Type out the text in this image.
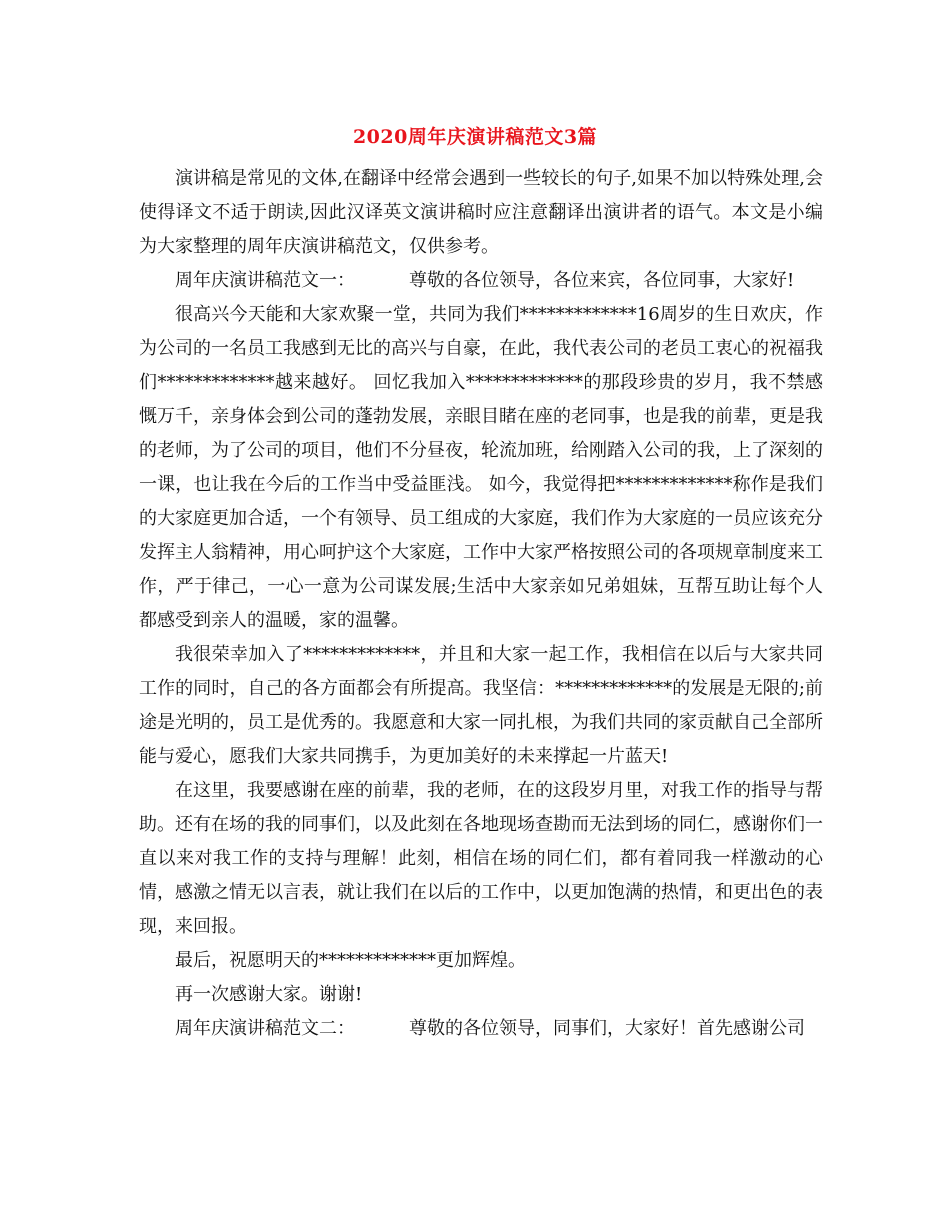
2020周年庆演讲稿范文3篇

演讲稿是常见的文体,在翻译中经常会遇到一些较长的句子,如果不加以特殊处理,会使得译文不适于朗读,因此汉译英文演讲稿时应注意翻译出演讲者的语气。本文是小编为大家整理的周年庆演讲稿范文，仅供参考。

周年庆演讲稿范文一：	尊敬的各位领导，各位来宾，各位同事，大家好!

很高兴今天能和大家欢聚一堂，共同为我们*************16周岁的生日欢庆，作为公司的一名员工我感到无比的高兴与自豪，在此，我代表公司的老员工衷心的祝福我们*************越来越好。 回忆我加入*************的那段珍贵的岁月，我不禁感慨万千，亲身体会到公司的蓬勃发展，亲眼目睹在座的老同事，也是我的前辈，更是我的老师，为了公司的项目，他们不分昼夜，轮流加班，给刚踏入公司的我，上了深刻的一课，也让我在今后的工作当中受益匪浅。 如今，我觉得把*************称作是我们的大家庭更加合适，一个有领导、员工组成的大家庭，我们作为大家庭的一员应该充分发挥主人翁精神，用心呵护这个大家庭，工作中大家严格按照公司的各项规章制度来工作，严于律己，一心一意为公司谋发展;生活中大家亲如兄弟姐妹，互帮互助让每个人都感受到亲人的温暖，家的温馨。

我很荣幸加入了*************，并且和大家一起工作，我相信在以后与大家共同工作的同时，自己的各方面都会有所提高。我坚信：*************的发展是无限的;前途是光明的，员工是优秀的。我愿意和大家一同扎根，为我们共同的家贡献自己全部所能与爱心，愿我们大家共同携手，为更加美好的未来撑起一片蓝天!

在这里，我要感谢在座的前辈，我的老师，在的这段岁月里，对我工作的指导与帮助。还有在场的我的同事们，以及此刻在各地现场查勘而无法到场的同仁，感谢你们一直以来对我工作的支持与理解！此刻，相信在场的同仁们，都有着同我一样激动的心情，感激之情无以言表，就让我们在以后的工作中，以更加饱满的热情，和更出色的表现，来回报。

最后，祝愿明天的*************更加辉煌。

再一次感谢大家。谢谢!

周年庆演讲稿范文二：	尊敬的各位领导，同事们，大家好！首先感谢公司
